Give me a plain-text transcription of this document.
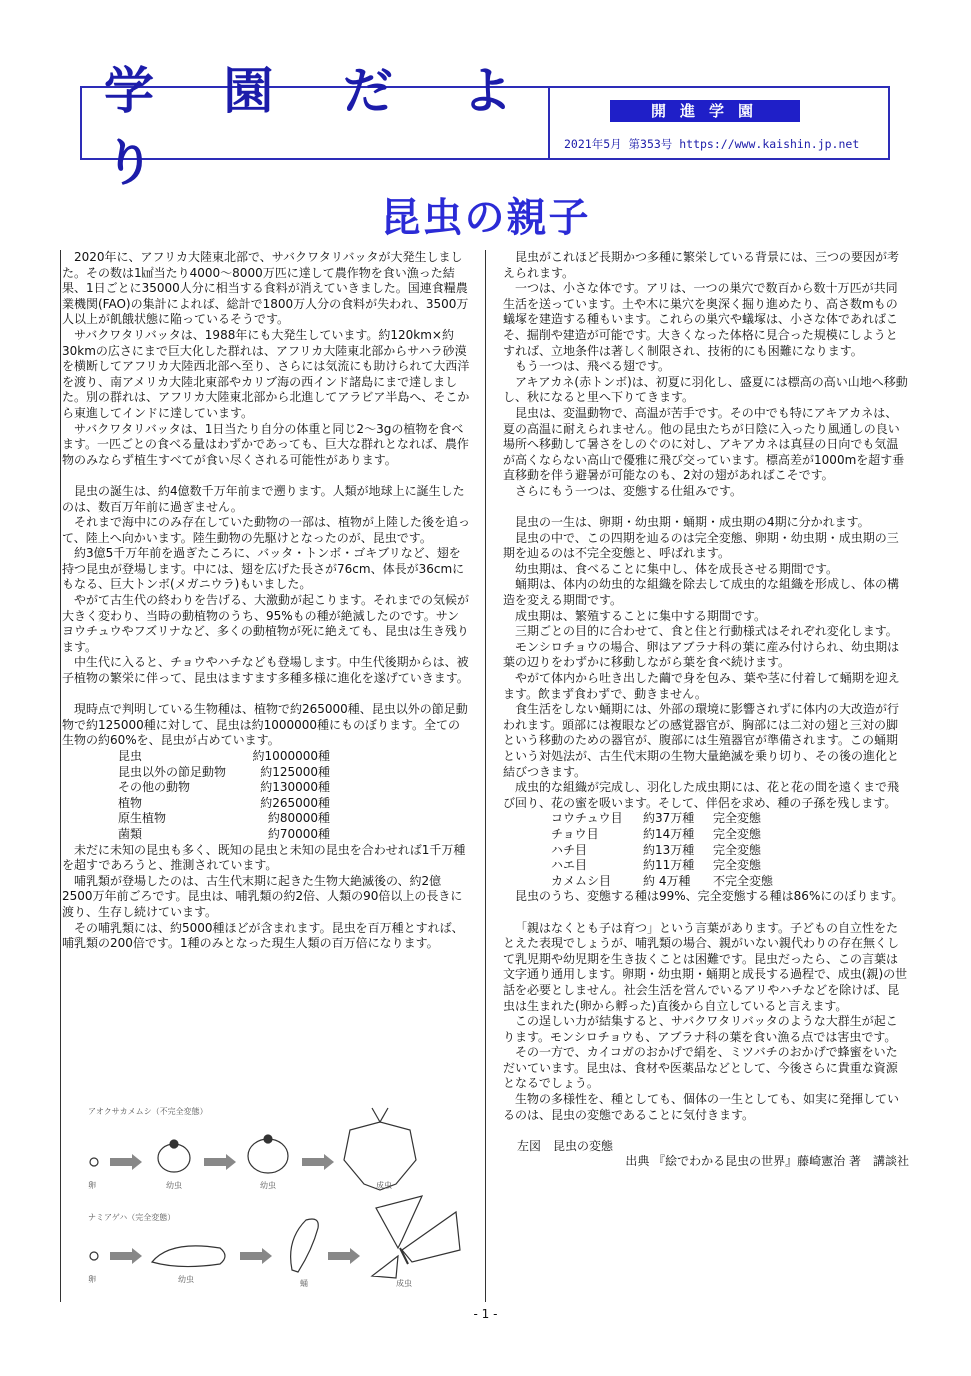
学 園 だ よ り
開進学園
2021年5月 第353号 https://www.kaishin.jp.net
昆虫の親子

2020年に、アフリカ大陸東北部で、サバクワタリバッタが大発生しました。その数は1㎢当たり4000～8000万匹に達して農作物を食い漁った結果、1日ごとに35000人分に相当する食料が消えていきました。国連食糧農業機関(FAO)の集計によれば、総計で1800万人分の食料が失われ、3500万人以上が飢餓状態に陥っているそうです。

サバクワタリバッタは、1988年にも大発生しています。約120km×約30kmの広さにまで巨大化した群れは、アフリカ大陸東北部からサハラ砂漠を横断してアフリカ大陸西北部へ至り、さらには気流にも助けられて大西洋を渡り、南アメリカ大陸北東部やカリブ海の西インド諸島にまで達しました。別の群れは、アフリカ大陸東北部から北進してアラビア半島へ、そこから東進してインドに達しています。

サバクワタリバッタは、1日当たり自分の体重と同じ2～3gの植物を食べます。一匹ごとの食べる量はわずかであっても、巨大な群れとなれば、農作物のみならず植生すべてが食い尽くされる可能性があります。

昆虫の誕生は、約4億数千万年前まで遡ります。人類が地球上に誕生したのは、数百万年前に過ぎません。

それまで海中にのみ存在していた動物の一部は、植物が上陸した後を追って、陸上へ向かいます。陸生動物の先駆けとなったのが、昆虫です。

約3億5千万年前を過ぎたころに、バッタ・トンボ・ゴキブリなど、翅を持つ昆虫が登場します。中には、翅を広げた長さが76cm、体長が36cmにもなる、巨大トンボ(メガニウラ)もいました。

やがて古生代の終わりを告げる、大激動が起こります。それまでの気候が大きく変わり、当時の動植物のうち、95%もの種が絶滅したのです。サンヨウチュウやフズリナなど、多くの動植物が死に絶えても、昆虫は生き残ります。

中生代に入ると、チョウやハチなども登場します。中生代後期からは、被子植物の繁栄に伴って、昆虫はますます多種多様に進化を遂げていきます。

現時点で判明している生物種は、植物で約265000種、昆虫以外の節足動物で約125000種に対して、昆虫は約1000000種にものぼります。全ての生物の約60%を、昆虫が占めています。

昆虫	約1000000種
昆虫以外の節足動物	約125000種
その他の動物	約130000種
植物	約265000種
原生植物	約80000種
菌類	約70000種

未だに未知の昆虫も多く、既知の昆虫と未知の昆虫を合わせれば1千万種を超すであろうと、推測されています。

哺乳類が登場したのは、古生代末期に起きた生物大絶滅後の、約2億2500万年前ごろです。昆虫は、哺乳類の約2倍、人類の90倍以上の長きに渡り、生存し続けています。

その哺乳類には、約5000種ほどが含まれます。昆虫を百万種とすれば、哺乳類の200倍です。1種のみとなった現生人類の百万倍になります。

アオクサカメムシ（不完全変態）
卵	幼虫	幼虫	成虫
ナミアゲハ（完全変態）
卵	幼虫	蛹	成虫

昆虫がこれほど長期かつ多種に繁栄している背景には、三つの要因が考えられます。

一つは、小さな体です。アリは、一つの巣穴で数百から数十万匹が共同生活を送っています。土や木に巣穴を奥深く掘り進めたり、高さ数mもの蟻塚を建造する種もいます。これらの巣穴や蟻塚は、小さな体であればこそ、掘削や建造が可能です。大きくなった体格に見合った規模にしようとすれば、立地条件は著しく制限され、技術的にも困難になります。

もう一つは、飛べる翅です。

アキアカネ(赤トンボ)は、初夏に羽化し、盛夏には標高の高い山地へ移動し、秋になると里へ下りてきます。

昆虫は、変温動物で、高温が苦手です。その中でも特にアキアカネは、夏の高温に耐えられません。他の昆虫たちが日陰に入ったり風通しの良い場所へ移動して暑さをしのぐのに対し、アキアカネは真昼の日向でも気温が高くならない高山で優雅に飛び交っています。標高差が1000mを超す垂直移動を伴う避暑が可能なのも、2対の翅があればこそです。

さらにもう一つは、変態する仕組みです。

昆虫の一生は、卵期・幼虫期・蛹期・成虫期の4期に分かれます。

昆虫の中で、この四期を辿るのは完全変態、卵期・幼虫期・成虫期の三期を辿るのは不完全変態と、呼ばれます。

幼虫期は、食べることに集中し、体を成長させる期間です。

蛹期は、体内の幼虫的な組織を除去して成虫的な組織を形成し、体の構造を変える期間です。

成虫期は、繁殖することに集中する期間です。

三期ごとの目的に合わせて、食と住と行動様式はそれぞれ変化します。

モンシロチョウの場合、卵はアブラナ科の葉に産み付けられ、幼虫期は葉の辺りをわずかに移動しながら葉を食べ続けます。

やがて体内から吐き出した繭で身を包み、葉や茎に付着して蛹期を迎えます。飲まず食わずで、動きません。

食生活をしない蛹期には、外部の環境に影響されずに体内の大改造が行われます。頭部には複眼などの感覚器官が、胸部には二対の翅と三対の脚という移動のための器官が、腹部には生殖器官が準備されます。この蛹期という対処法が、古生代末期の生物大量絶滅を乗り切り、その後の進化と結びつきます。

成虫的な組織が完成し、羽化した成虫期には、花と花の間を遠くまで飛び回り、花の蜜を吸います。そして、伴侶を求め、種の子孫を残します。

コウチュウ目	約37万種	完全変態
チョウ目	約14万種	完全変態
ハチ目	約13万種	完全変態
ハエ目	約11万種	完全変態
カメムシ目	約 4万種	不完全変態

昆虫のうち、変態する種は99%、完全変態する種は86%にのぼります。

「親はなくとも子は育つ」という言葉があります。子どもの自立性をたとえた表現でしょうが、哺乳類の場合、親がいない親代わりの存在無くして乳児期や幼児期を生き抜くことは困難です。昆虫だったら、この言葉は文字通り通用します。卵期・幼虫期・蛹期と成長する過程で、成虫(親)の世話を必要としません。社会生活を営んでいるアリやハチなどを除けば、昆虫は生まれた(卵から孵った)直後から自立していると言えます。

この逞しい力が結集すると、サバクワタリバッタのような大群生が起こります。モンシロチョウも、アブラナ科の葉を食い漁る点では害虫です。

その一方で、カイコガのおかげで絹を、ミツバチのおかげで蜂蜜をいただいています。昆虫は、食材や医薬品などとして、今後さらに貴重な資源となるでしょう。

生物の多様性を、種としても、個体の一生としても、如実に発揮しているのは、昆虫の変態であることに気付きます。

左図　昆虫の変態

出典 『絵でわかる昆虫の世界』藤崎憲治 著　講談社

- 1 -
